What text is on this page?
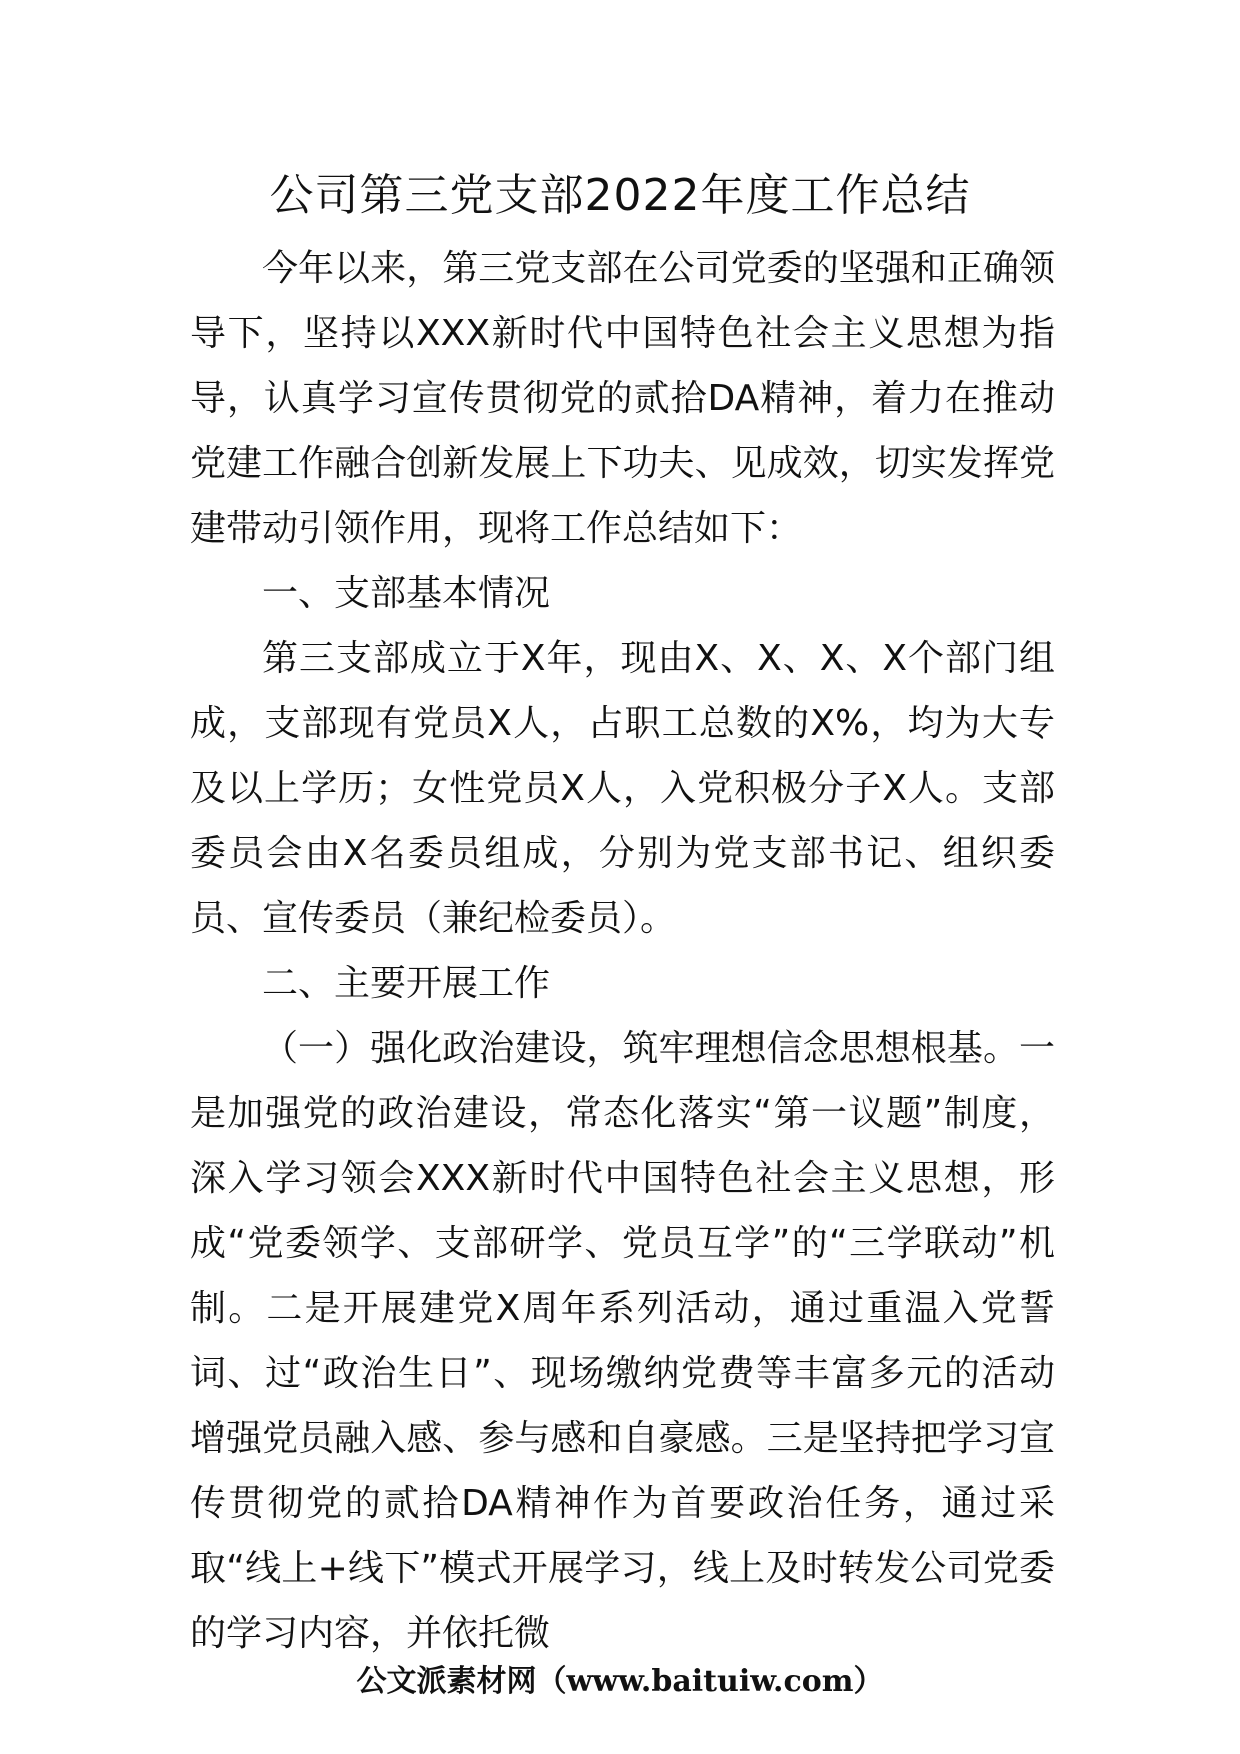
公司第三党支部2022年度工作总结

今年以来，第三党支部在公司党委的坚强和正确领导下，坚持以XXX新时代中国特色社会主义思想为指导，认真学习宣传贯彻党的贰拾DA精神，着力在推动党建工作融合创新发展上下功夫、见成效，切实发挥党建带动引领作用，现将工作总结如下：

一、支部基本情况

第三支部成立于X年，现由X、X、X、X个部门组成，支部现有党员X人，占职工总数的X%，均为大专及以上学历；女性党员X人，入党积极分子X人。支部委员会由X名委员组成，分别为党支部书记、组织委员、宣传委员（兼纪检委员）。

二、主要开展工作

（一）强化政治建设，筑牢理想信念思想根基。一是加强党的政治建设，常态化落实“第一议题”制度，深入学习领会XXX新时代中国特色社会主义思想，形成“党委领学、支部研学、党员互学”的“三学联动”机制。二是开展建党X周年系列活动，通过重温入党誓词、过“政治生日”、现场缴纳党费等丰富多元的活动增强党员融入感、参与感和自豪感。三是坚持把学习宣传贯彻党的贰拾DA精神作为首要政治任务，通过采取“线上+线下”模式开展学习，线上及时转发公司党委的学习内容，并依托微

公文派素材网（www.baituiw.com）
